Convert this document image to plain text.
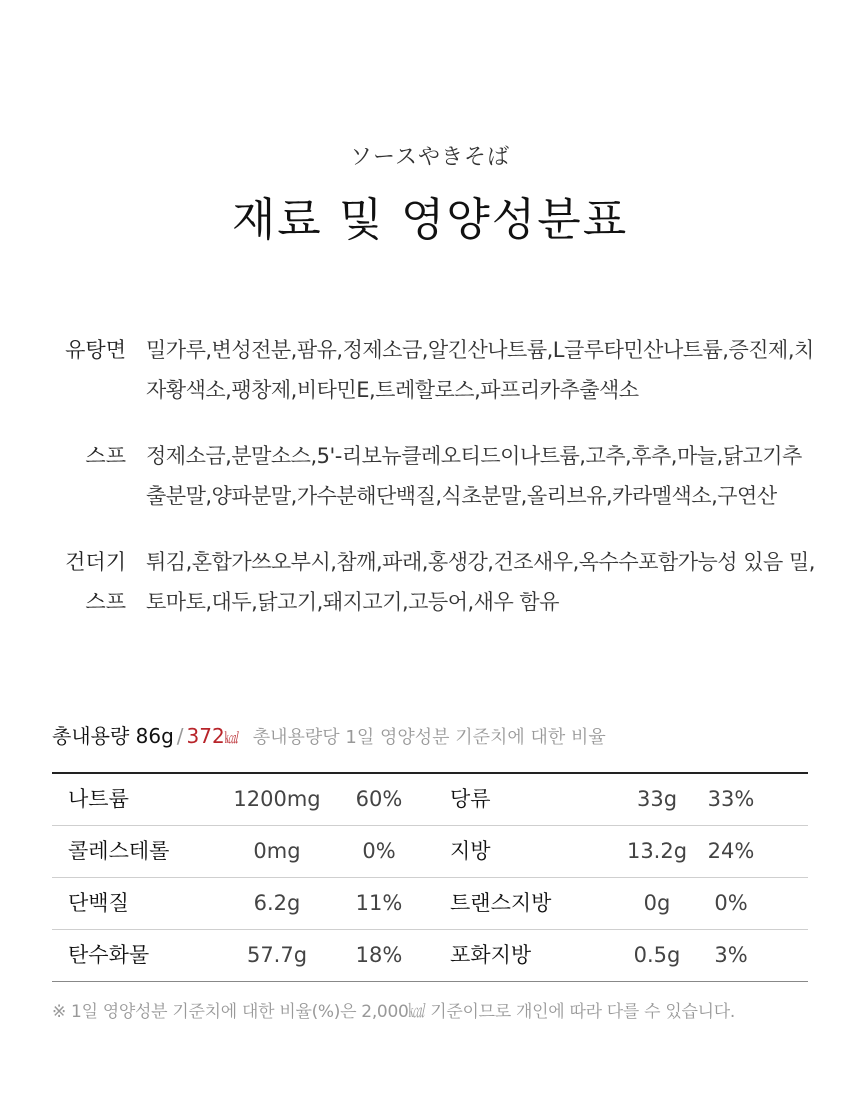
ソースやきそば
재료 및 영양성분표
유탕면 밀가루,변성전분,팜유,정제소금,알긴산나트륨,L글루타민산나트륨,증진제,치자황색소,팽창제,비타민E,트레할로스,파프리카추출색소
스프 정제소금,분말소스,5'-리보뉴클레오티드이나트륨,고추,후추,마늘,닭고기추출분말,양파분말,가수분해단백질,식초분말,올리브유,카라멜색소,구연산
건더기
스프
튀김,혼합가쓰오부시,참깨,파래,홍생강,건조새우,옥수수포함가능성 있음 밀,토마토,대두,닭고기,돼지고기,고등어,새우 함유
총내용량 86g / 372㎉ 총내용량당 1일 영양성분 기준치에 대한 비율
나트륨	1200mg	60%	당류	33g	33%
콜레스테롤	0mg	0%	지방	13.2g 24%
단백질	6.2g	11%	트랜스지방	0g	0%
탄수화물	57.7g	18%	포화지방	0.5g	3%
※ 1일 영양성분 기준치에 대한 비율(%)은 2,000㎉ 기준이므로 개인에 따라 다를 수 있습니다.
